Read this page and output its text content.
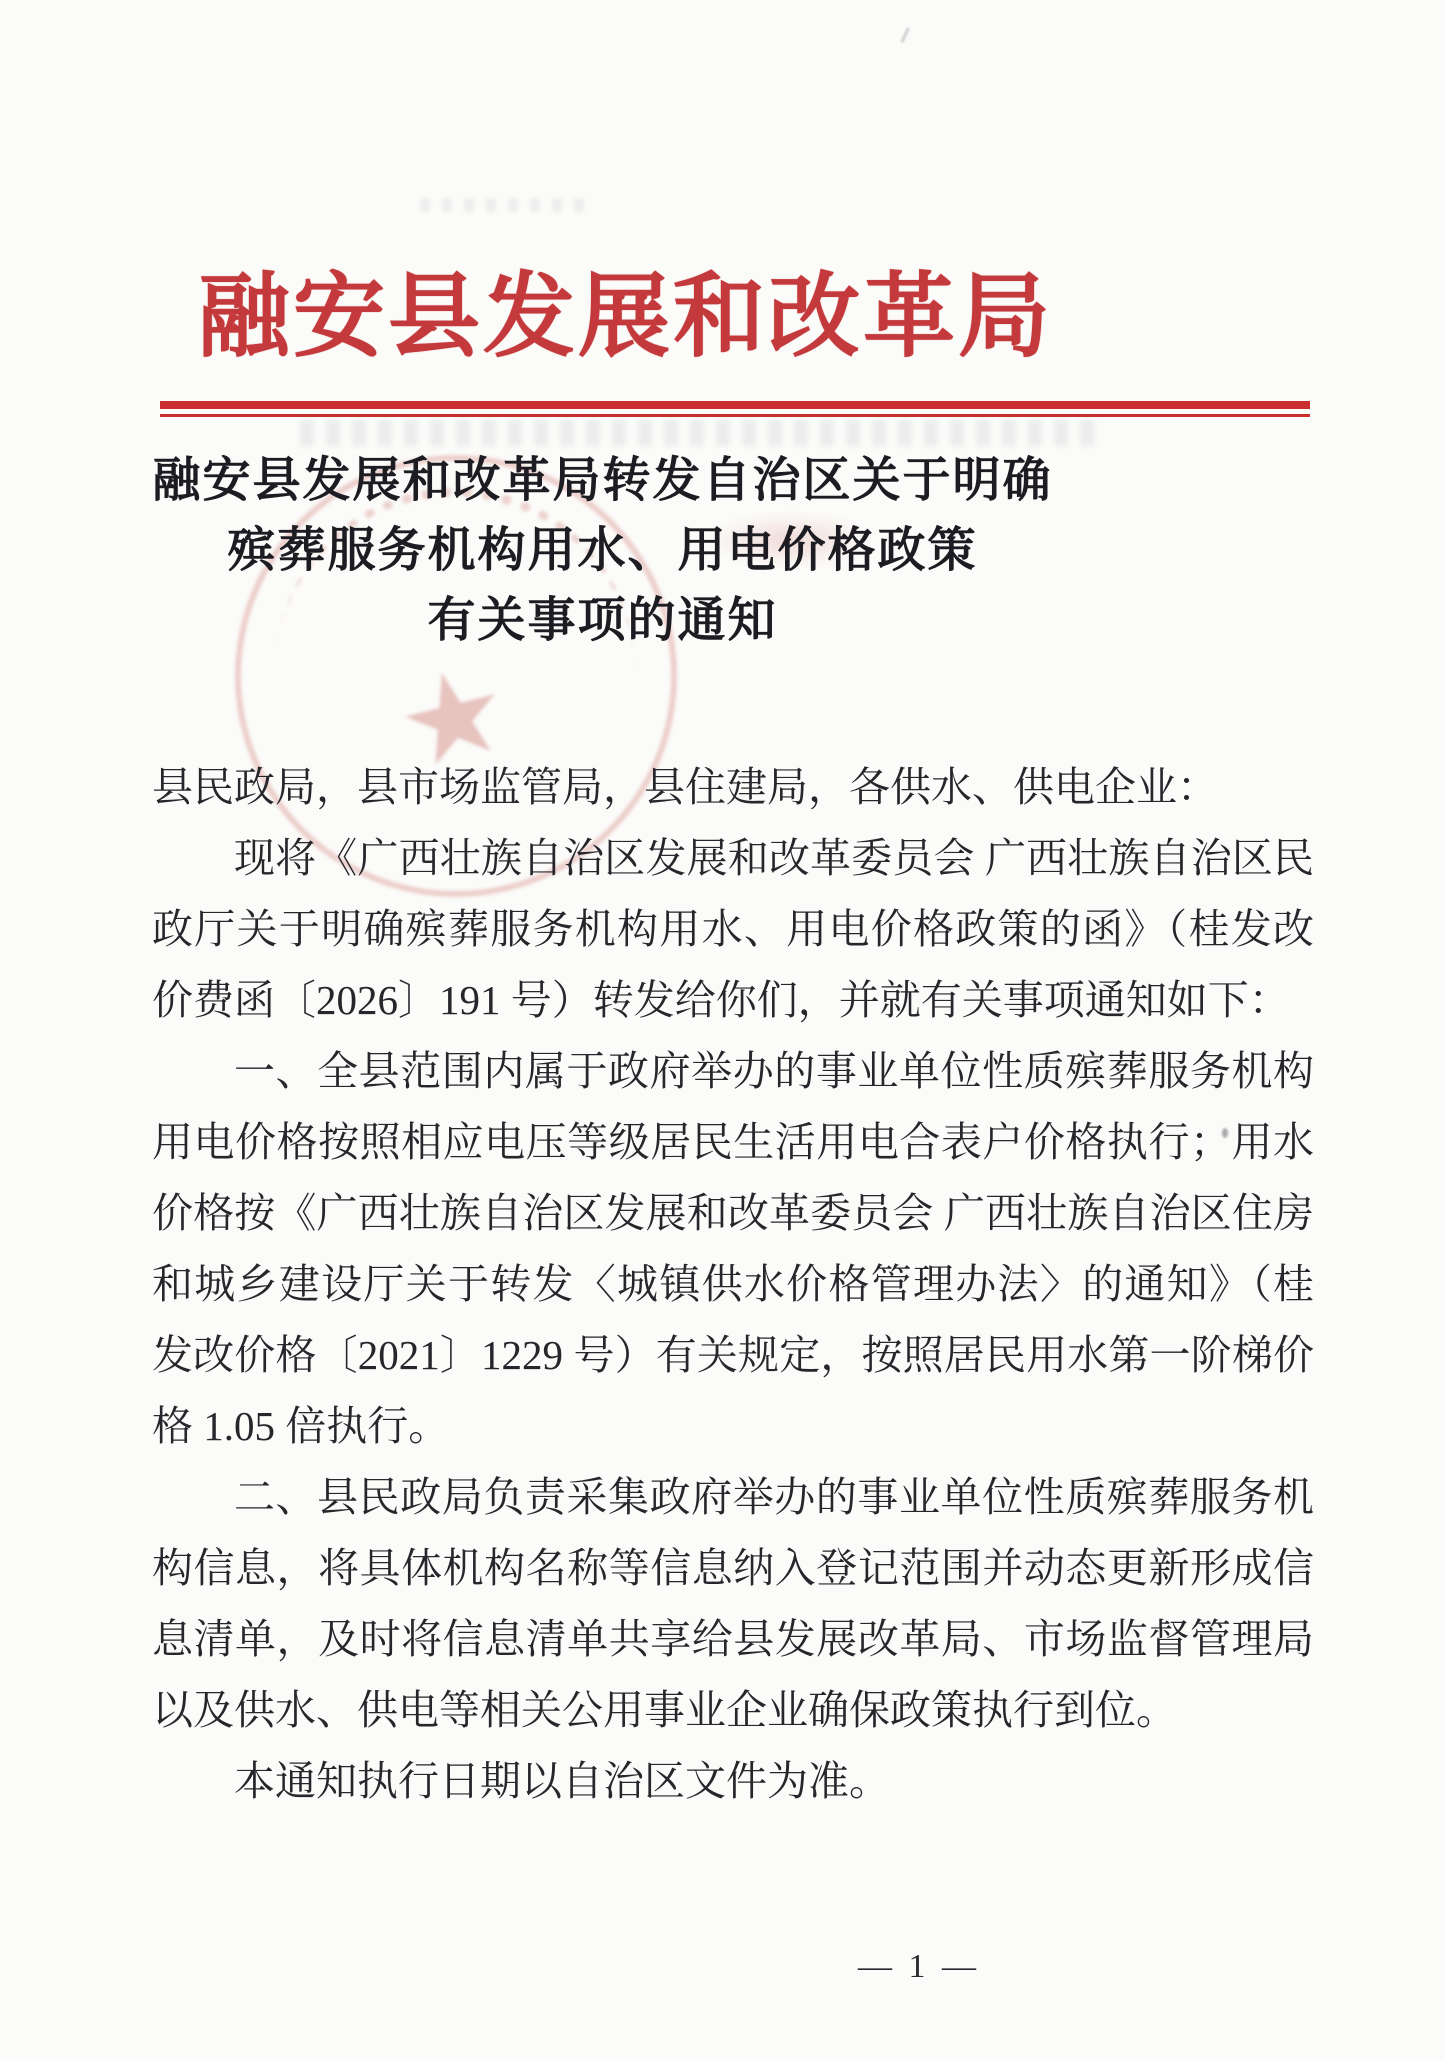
融安县发展和改革局
★
融安县发展和改革局转发自治区关于明确
殡葬服务机构用水、用电价格政策
有关事项的通知

县民政局，县市场监管局，县住建局，各供水、供电企业：

现将《广西壮族自治区发展和改革委员会 广西壮族自治区民政厅关于明确殡葬服务机构用水、用电价格政策的函》（桂发改价费函〔2026〕191 号）转发给你们，并就有关事项通知如下：

一、全县范围内属于政府举办的事业单位性质殡葬服务机构用电价格按照相应电压等级居民生活用电合表户价格执行；用水价格按《广西壮族自治区发展和改革委员会 广西壮族自治区住房和城乡建设厅关于转发〈城镇供水价格管理办法〉的通知》（桂发改价格〔2021〕1229 号）有关规定，按照居民用水第一阶梯价格 1.05 倍执行。

二、县民政局负责采集政府举办的事业单位性质殡葬服务机构信息，将具体机构名称等信息纳入登记范围并动态更新形成信息清单，及时将信息清单共享给县发展改革局、市场监督管理局以及供水、供电等相关公用事业企业确保政策执行到位。

本通知执行日期以自治区文件为准。

— 1 —
